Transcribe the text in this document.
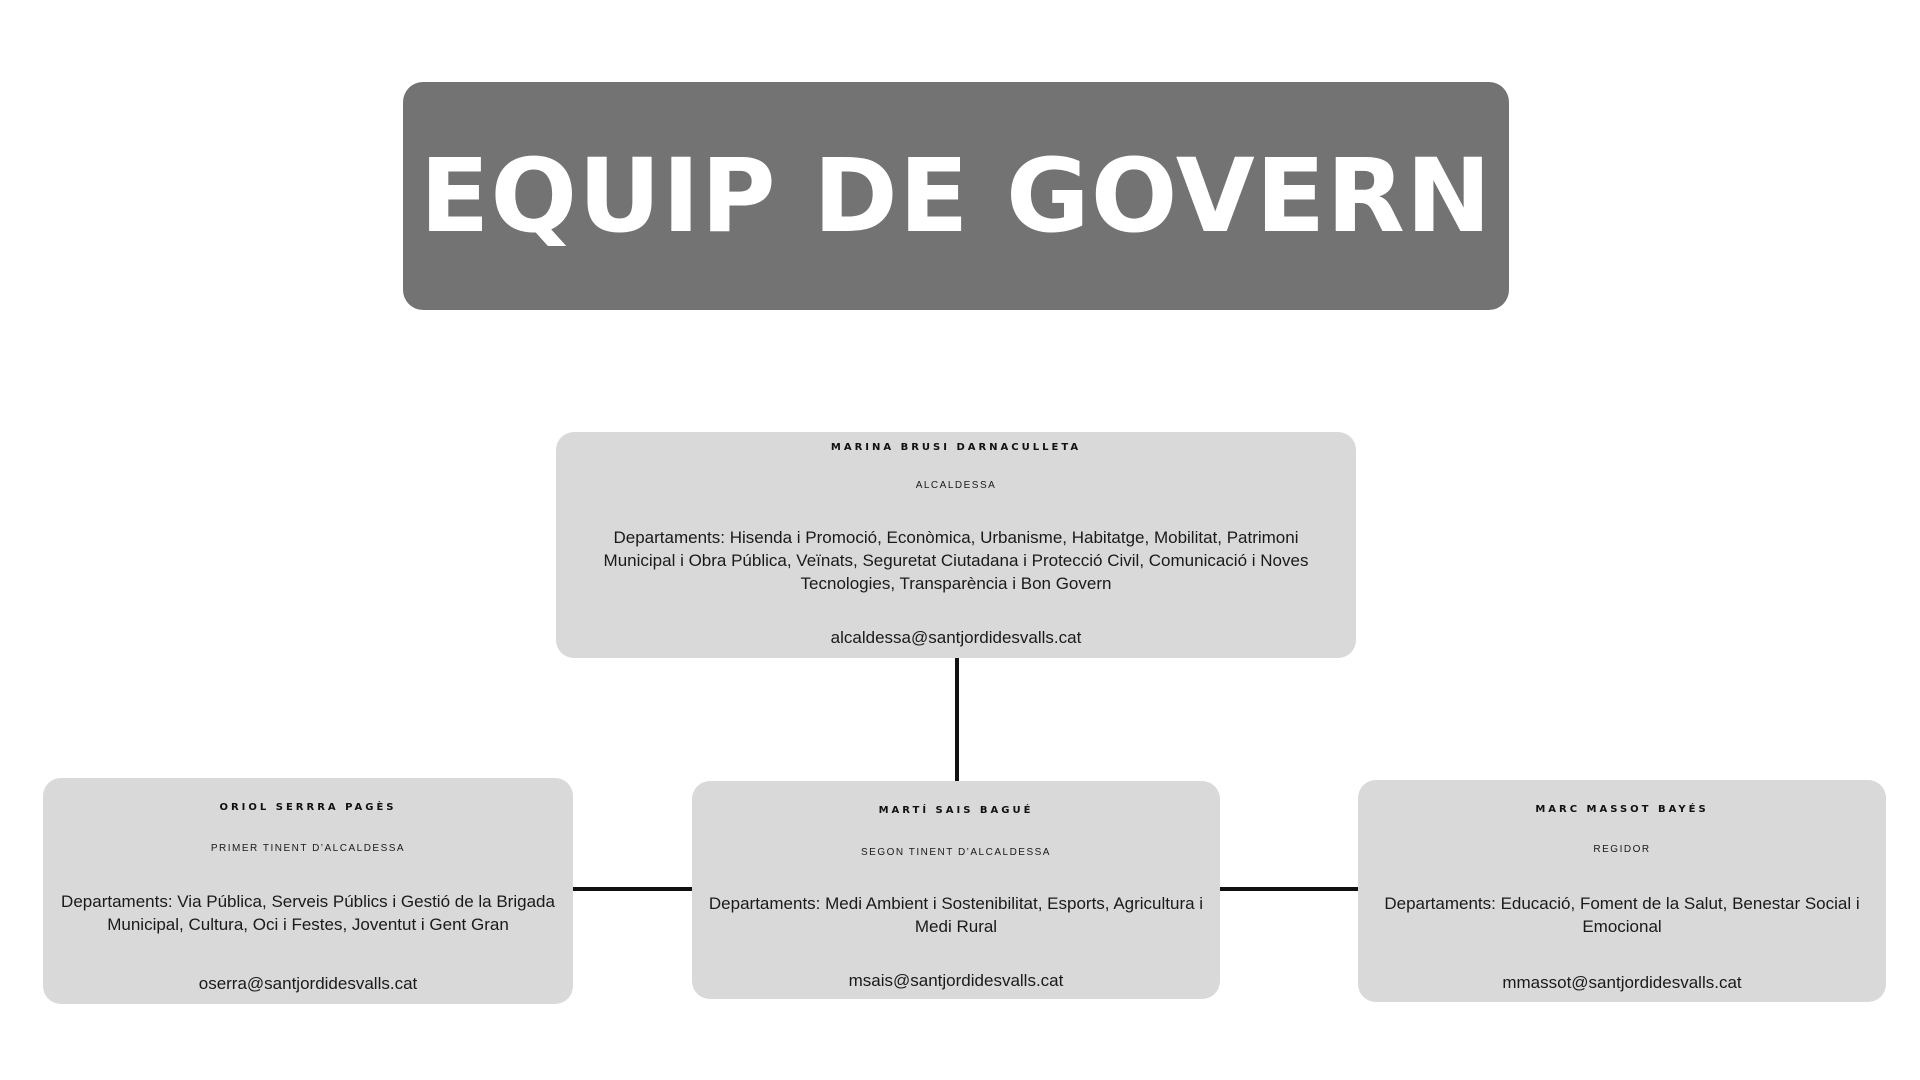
EQUIP DE GOVERN
MARINA BRUSI DARNACULLETA
ALCALDESSA
Departaments: Hisenda i Promoció, Econòmica, Urbanisme, Habitatge, Mobilitat, Patrimoni Municipal i Obra Pública, Veïnats, Seguretat Ciutadana i Protecció Civil, Comunicació i Noves Tecnologies, Transparència i Bon Govern
alcaldessa@santjordidesvalls.cat
ORIOL SERRRA PAGÈS
PRIMER TINENT D’ALCALDESSA
Departaments: Via Pública, Serveis Públics i Gestió de la Brigada Municipal, Cultura, Oci i Festes, Joventut i Gent Gran
oserra@santjordidesvalls.cat
MARTÍ SAIS BAGUÉ
SEGON TINENT D’ALCALDESSA
Departaments: Medi Ambient i Sostenibilitat, Esports, Agricultura i Medi Rural
msais@santjordidesvalls.cat
MARC MASSOT BAYÉS
REGIDOR
Departaments: Educació, Foment de la Salut, Benestar Social i Emocional
mmassot@santjordidesvalls.cat
